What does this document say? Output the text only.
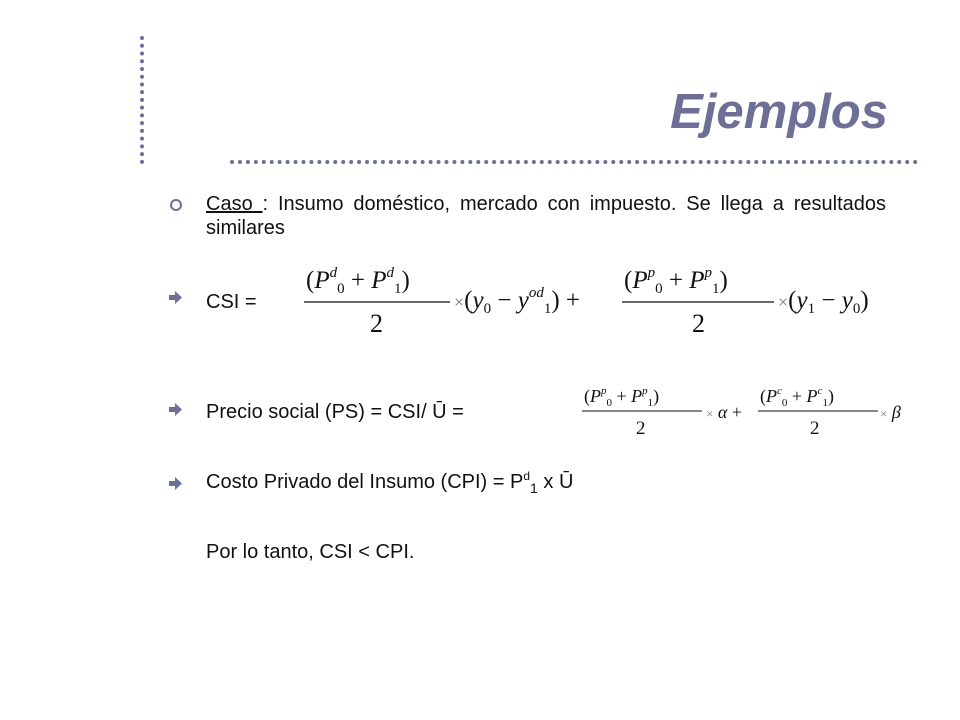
Ejemplos
Caso : Insumo doméstico, mercado con impuesto. Se llega a resultados similares
CSI =
$(P^d_0 + P^d_1)$
2
$\times(y_0 - y^{od}_1)$ +
$(P^p_0 + P^p_1)$
2
$\times(y_1 - y_0)$
Precio social (PS) = CSI/ Ū =
$(P^p_0 + P^p_1)$
2
× α +
$(P^c_0 + P^c_1)$
2
× β
Costo Privado del Insumo $(CPI) = P^d_1$ x Ū
Por lo tanto, CSI < CPI.
